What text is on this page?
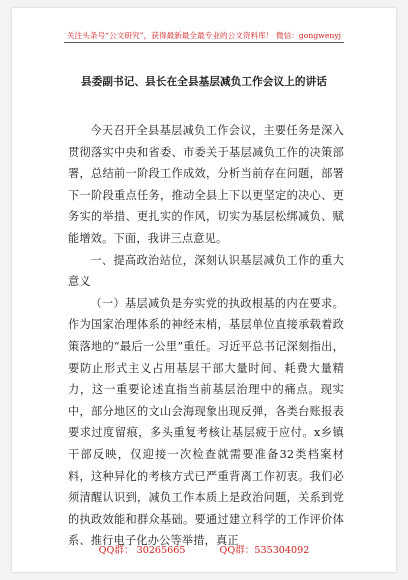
关注头条号“公文研究”，获得最新最全最专业的公文资料库！ 微信：gongwenyj
县委副书记、县长在全县基层减负工作会议上的讲话

今天召开全县基层减负工作会议，主要任务是深入贯彻落实中央和省委、市委关于基层减负工作的决策部署，总结前一阶段工作成效，分析当前存在问题，部署下一阶段重点任务，推动全县上下以更坚定的决心、更务实的举措、更扎实的作风，切实为基层松绑减负、赋能增效。下面，我讲三点意见。

一、提高政治站位，深刻认识基层减负工作的重大意义

（一）基层减负是夯实党的执政根基的内在要求。作为国家治理体系的神经末梢，基层单位直接承载着政策落地的“最后一公里”重任。习近平总书记深刻指出，要防止形式主义占用基层干部大量时间、耗费大量精力，这一重要论述直指当前基层治理中的痛点。现实中，部分地区的文山会海现象出现反弹，各类台账报表要求过度留痕，多头重复考核让基层疲于应付。x乡镇干部反映，仅迎接一次检查就需要准备32类档案材料，这种异化的考核方式已严重背离工作初衷。我们必须清醒认识到，减负工作本质上是政治问题，关系到党的执政效能和群众基础。要通过建立科学的工作评价体系、推行电子化办公等举措，真正

QQ群： 30265665	QQ群：535304092
